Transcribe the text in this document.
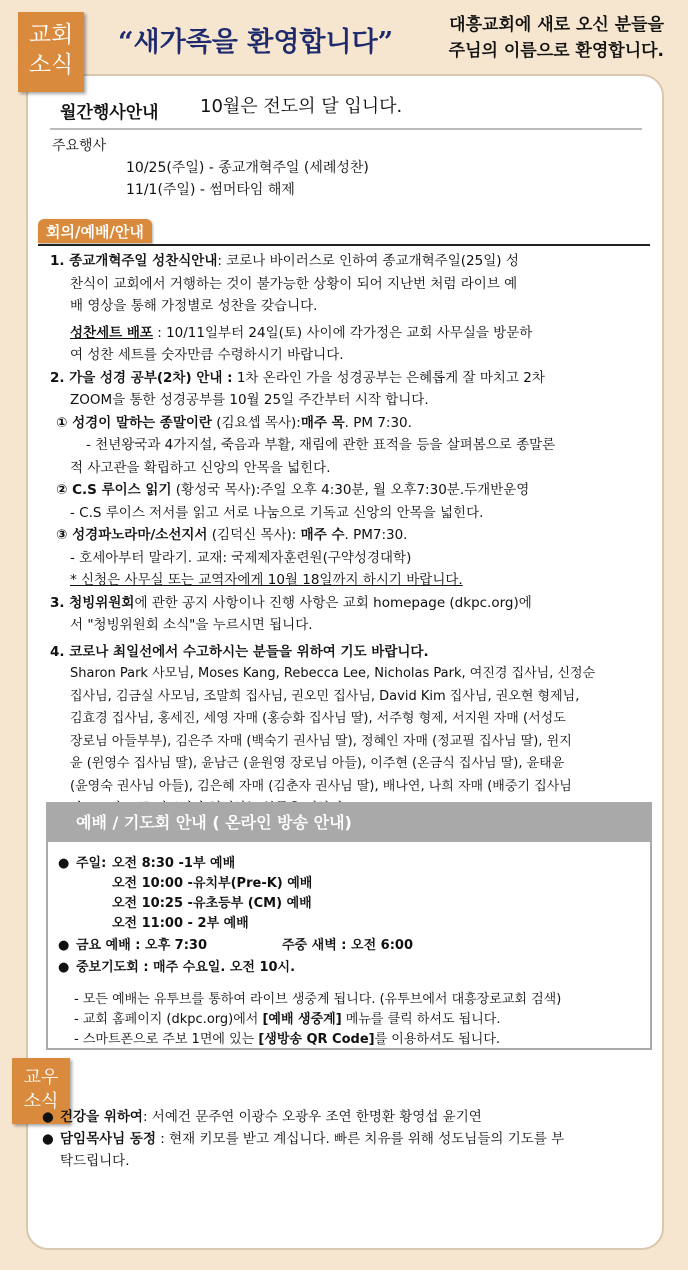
교회
소식
“새가족을 환영합니다”
대흥교회에 새로 오신 분들을
주님의 이름으로 환영합니다.
월간행사안내 10월은 전도의 달 입니다.
주요행사
10/25(주일) - 종교개혁주일 (세례성찬)
11/1(주일) - 썸머타임 해제
회의/예배/안내

1. 종교개혁주일 성찬식안내: 코로나 바이러스로 인하여 종교개혁주일(25일) 성

찬식이 교회에서 거행하는 것이 불가능한 상황이 되어 지난번 처럼 라이브 예

배 영상을 통해 가정별로 성찬을 갖습니다.

성찬세트 배포 : 10/11일부터 24일(토) 사이에 각가정은 교회 사무실을 방문하

여 성찬 세트를 숫자만큼 수령하시기 바랍니다.

2. 가을 성경 공부(2차) 안내 : 1차 온라인 가을 성경공부는 은혜롭게 잘 마치고 2차

ZOOM을 통한 성경공부를 10월 25일 주간부터 시작 합니다.

① 성경이 말하는 종말이란 (김요셉 목사):매주 목. PM 7:30.

- 천년왕국과 4가지설, 죽음과 부활, 재림에 관한 표적을 등을 살펴봄으로 종말론

적 사고관을 확립하고 신앙의 안목을 넓힌다.

② C.S 루이스 읽기 (황성국 목사):주일 오후 4:30분, 월 오후7:30분.두개반운영

- C.S 루이스 저서를 읽고 서로 나눔으로 기독교 신앙의 안목을 넓힌다.

③ 성경파노라마/소선지서 (김덕신 목사): 매주 수. PM7:30.

- 호세아부터 말라기. 교재: 국제제자훈련원(구약성경대학)

* 신청은 사무실 또는 교역자에게 10월 18일까지 하시기 바랍니다.

3. 청빙위원회에 관한 공지 사항이나 진행 사항은 교회 homepage (dkpc.org)에

서 "청빙위원회 소식"을 누르시면 됩니다.

4. 코로나 최일선에서 수고하시는 분들을 위하여 기도 바랍니다.

Sharon Park 사모님, Moses Kang, Rebecca Lee, Nicholas Park, 여진경 집사님, 신정순
집사님, 김금실 사모님, 조말희 집사님, 권오민 집사님, David Kim 집사님, 권오현 형제님,
김효경 집사님, 홍세진, 세영 자매 (홍승화 집사님 딸), 서주형 형제, 서지원 자매 (서성도
장로님 아들부부), 김은주 자매 (백숙기 권사님 딸), 정혜인 자매 (정교필 집사님 딸), 윈지
윤 (윈영수 집사님 딸), 윤남근 (윤원영 장로님 아들), 이주현 (온금식 집사님 딸), 윤태윤
(윤영숙 권사님 아들), 김은혜 자매 (김춘자 권사님 딸), 배나연, 나희 자매 (배중기 집사님
예배 / 기도회 안내 ( 온라인 방송 안내)
● 주일: 오전 8:30 -1부 예배
오전 10:00 -유치부(Pre-K) 예배
오전 10:25 -유초등부 (CM) 예배
오전 11:00 - 2부 예배
● 금요 예배 : 오후 7:30	주중 새벽 : 오전 6:00
● 중보기도회 : 매주 수요일. 오전 10시.
- 모든 예배는 유투브를 통하여 라이브 생중계 됩니다. (유투브에서 대흥장로교회 검색)
- 교회 홈페이지 (dkpc.org)에서 [예배 생중계] 메뉴를 클릭 하셔도 됩니다.
- 스마트폰으로 주보 1면에 있는 [생방송 QR Code]를 이용하셔도 됩니다.
교우
소식

● 건강을 위하여: 서예건 문주연 이광수 오광우 조연 한명환 황영섭 윤기연

● 담임목사님 동정 : 현재 키모를 받고 계십니다. 빠른 치유를 위해 성도님들의 기도를 부

탁드립니다.
